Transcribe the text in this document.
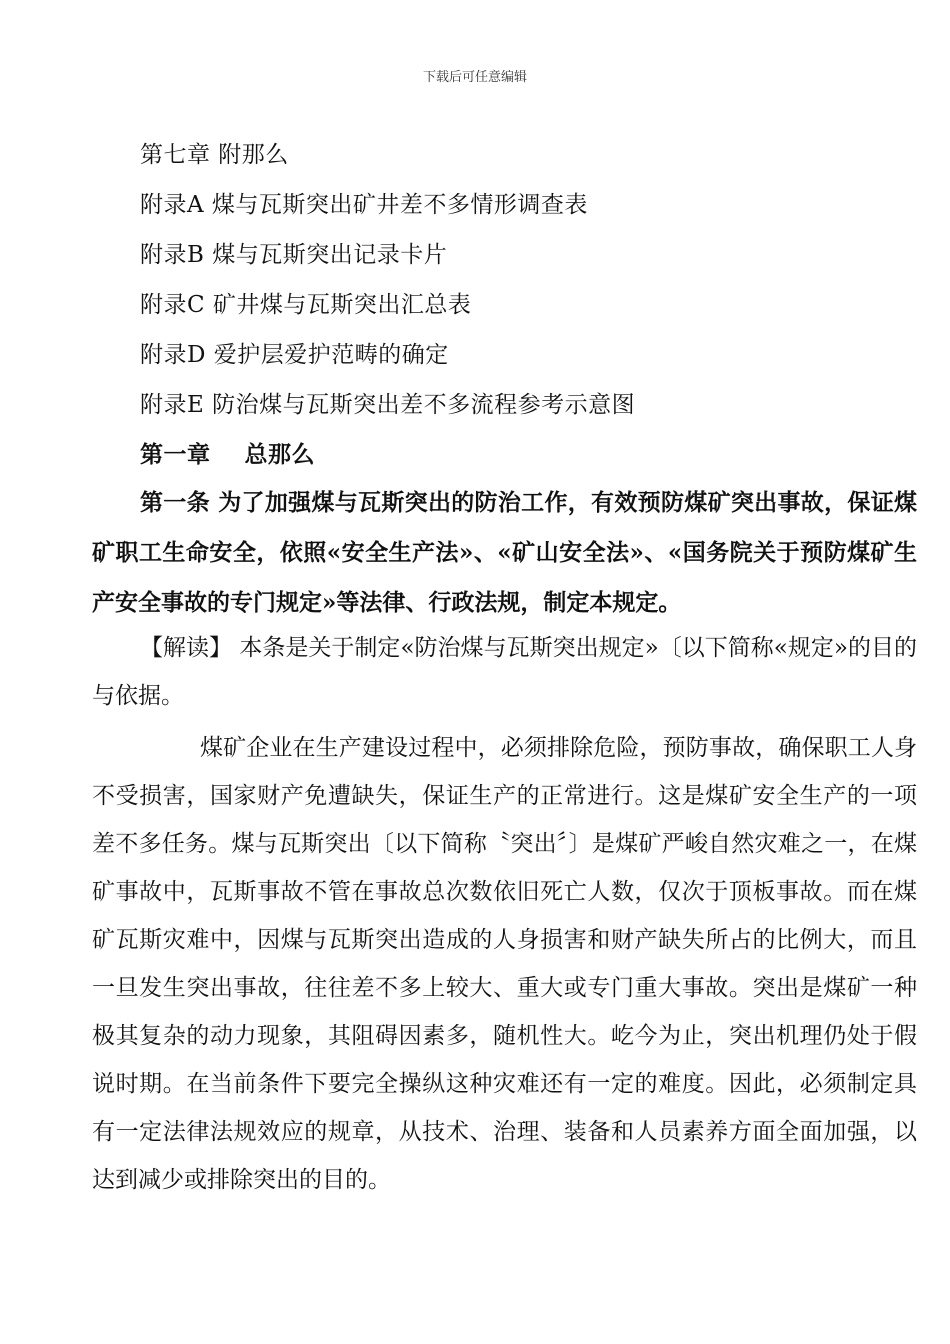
下载后可任意编辑
第七章 附那么
附录A 煤与瓦斯突出矿井差不多情形调查表
附录B 煤与瓦斯突出记录卡片
附录C 矿井煤与瓦斯突出汇总表
附录D 爱护层爱护范畴的确定
附录E 防治煤与瓦斯突出差不多流程参考示意图
第一章    总那么

第一条 为了加强煤与瓦斯突出的防治工作，有效预防煤矿突出事故，保证煤矿职工生命安全，依照«安全生产法»、«矿山安全法»、«国务院关于预防煤矿生产安全事故的专门规定»等法律、行政法规，制定本规定。

【解读】 本条是关于制定«防治煤与瓦斯突出规定»〔以下简称«规定»的目的与依据。

煤矿企业在生产建设过程中，必须排除危险，预防事故，确保职工人身不受损害，国家财产免遭缺失，保证生产的正常进行。这是煤矿安全生产的一项差不多任务。煤与瓦斯突出〔以下简称〝突出〞〕是煤矿严峻自然灾难之一，在煤矿事故中，瓦斯事故不管在事故总次数依旧死亡人数，仅次于顶板事故。而在煤矿瓦斯灾难中，因煤与瓦斯突出造成的人身损害和财产缺失所占的比例大，而且一旦发生突出事故，往往差不多上较大、重大或专门重大事故。突出是煤矿一种极其复杂的动力现象，其阻碍因素多，随机性大。屹今为止，突出机理仍处于假说时期。在当前条件下要完全操纵这种灾难还有一定的难度。因此，必须制定具有一定法律法规效应的规章，从技术、治理、装备和人员素养方面全面加强，以达到减少或排除突出的目的。
